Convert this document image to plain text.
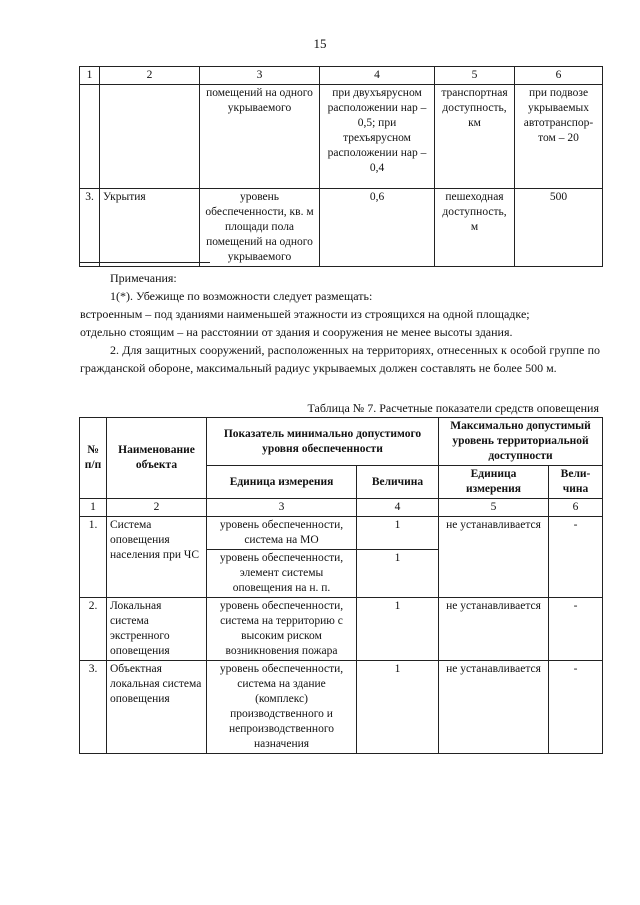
15
1	2	3	4	5	6
		помещений на одного укрываемого	при двухъярусном расположении нар – 0,5; при трехъярусном расположении нар – 0,4	транспортная доступность, км	при подвозе укрываемых автотранспор- том – 20
3.	Укрытия	уровень обеспеченности, кв. м площади пола помещений на одного укрываемого	0,6	пешеходная доступность, м	500

Примечания:

1(*). Убежище по возможности следует размещать:

встроенным – под зданиями наименьшей этажности из строящихся на одной площадке;

отдельно стоящим – на расстоянии от здания и сооружения не менее высоты здания.

2. Для защитных сооружений, расположенных на территориях, отнесенных к особой группе по гражданской обороне, максимальный радиус укрываемых должен составлять не более 500 м.

Таблица № 7. Расчетные показатели средств оповещения
№ п/п	Наименование объекта	Показатель минимально допустимого уровня обеспеченности		Максимально допустимый уровень территориальной доступности	
		Единица измерения	Величина	Единица измерения	Вели- чина
1	2	3	4	5	6
1.	Система оповещения населения при ЧС	уровень обеспеченности, система на МО	1	не устанавливается	-
		уровень обеспеченности, элемент системы оповещения на н. п.	1		
2.	Локальная система экстренного оповещения	уровень обеспеченности, система на территорию с высоким риском возникновения пожара	1	не устанавливается	-
3.	Объектная локальная система оповещения	уровень обеспеченности, система на здание (комплекс) производственного и непроизводственного назначения	1	не устанавливается	-
